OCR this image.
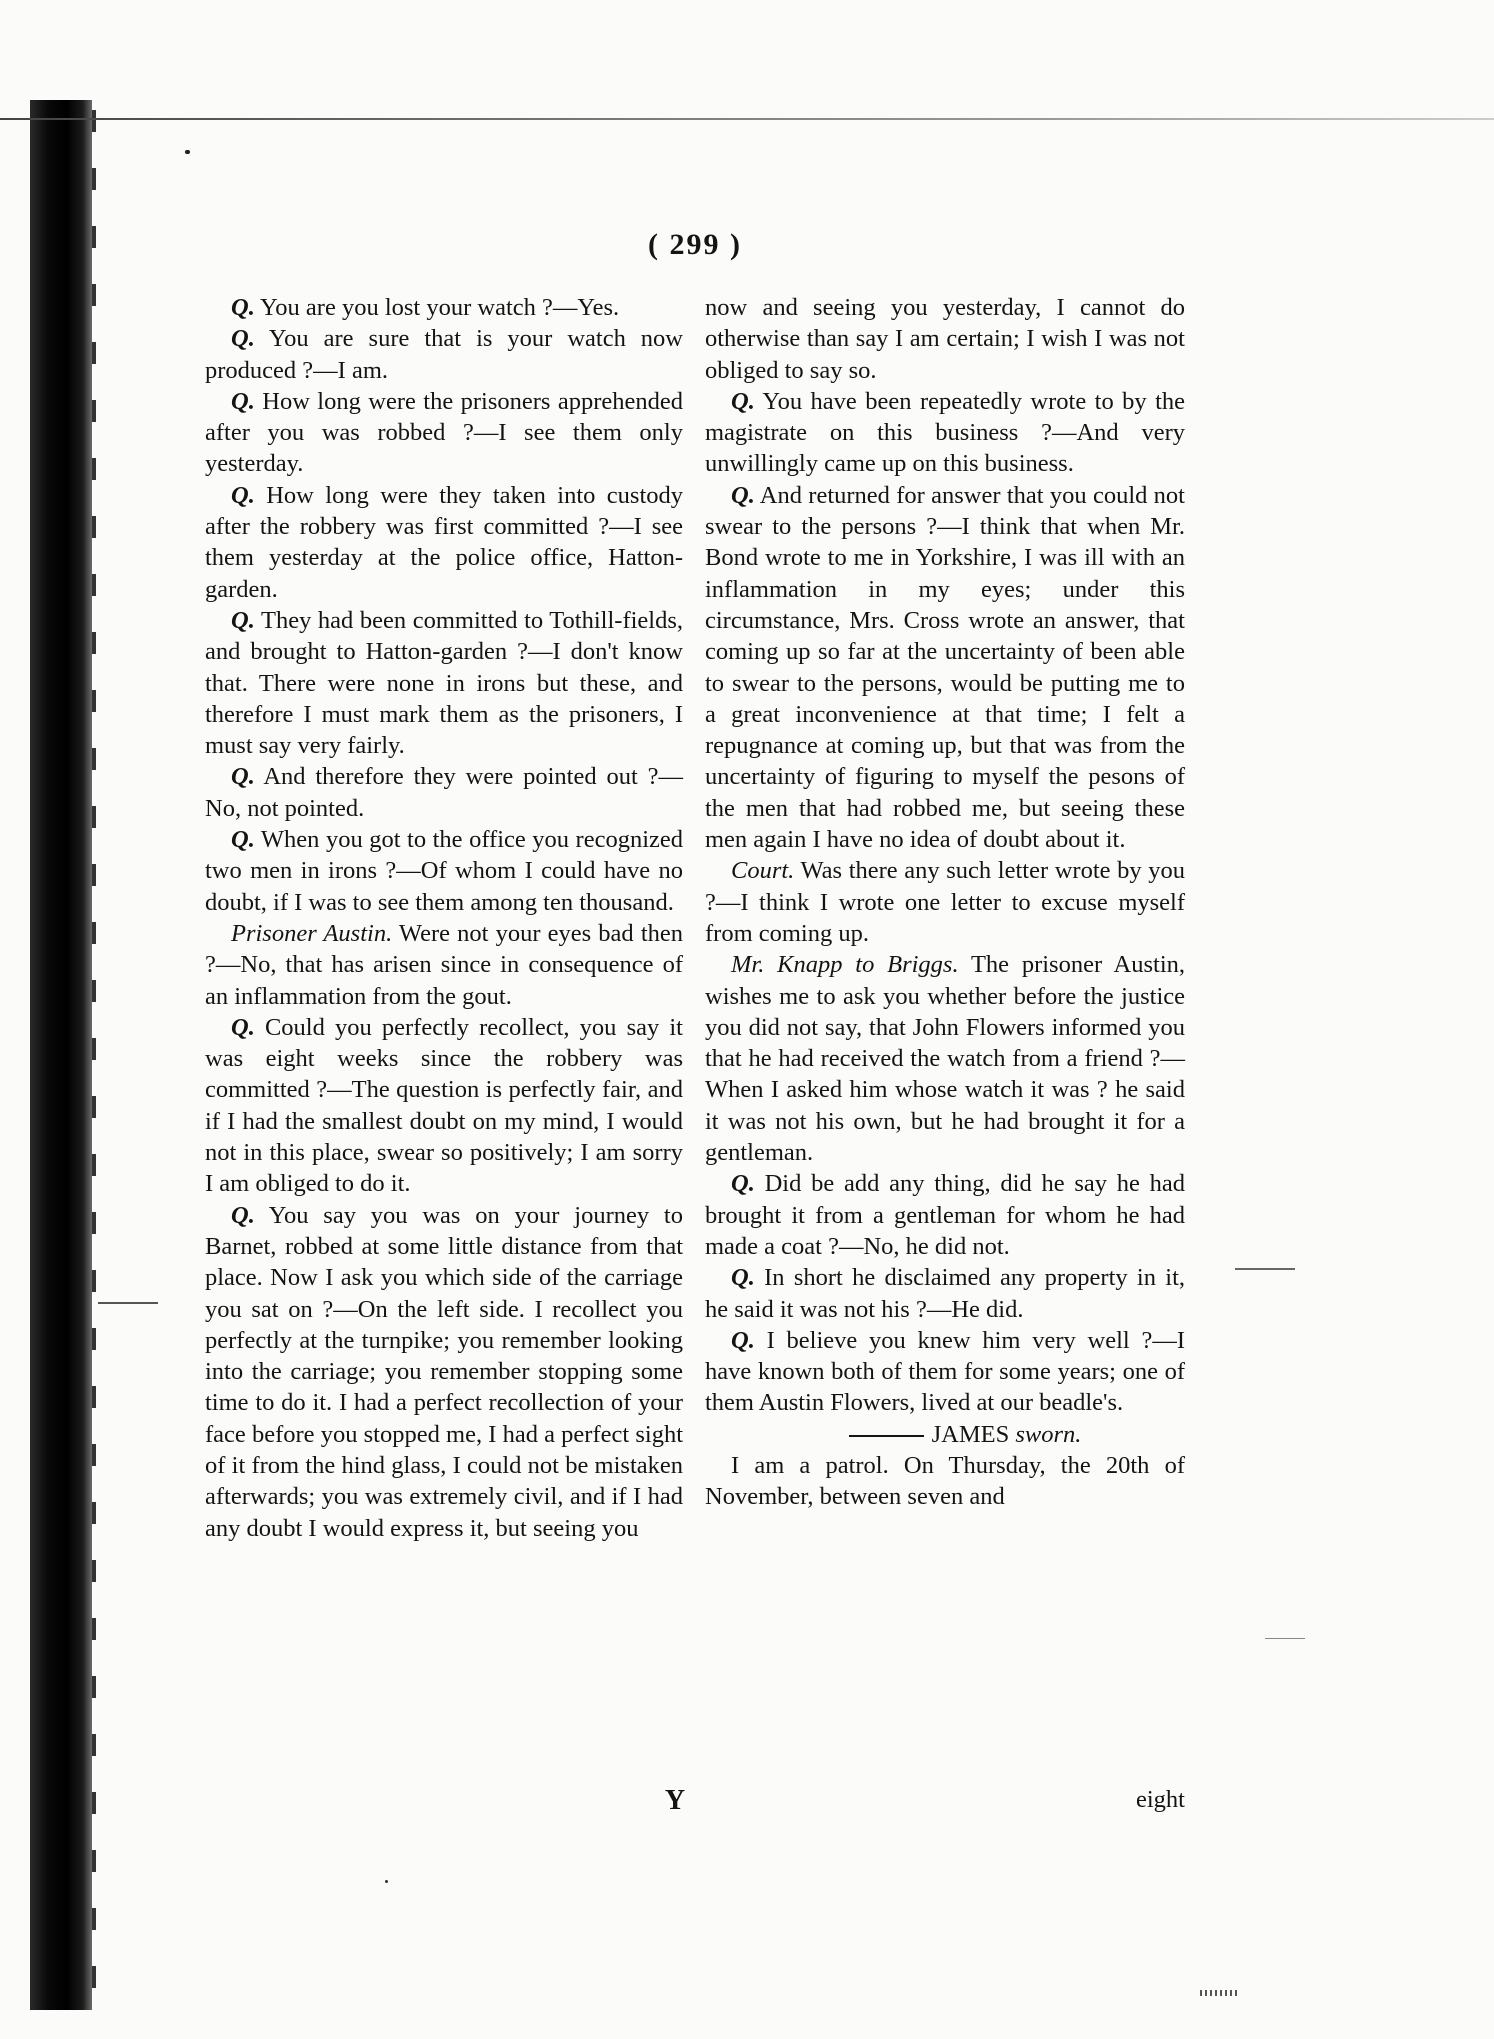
( 299 )

Q. You are you lost your watch ?—Yes.

Q. You are sure that is your watch now produced ?—I am.

Q. How long were the prisoners apprehended after you was robbed ?—I see them only yesterday.

Q. How long were they taken into custody after the robbery was first committed ?—I see them yesterday at the police office, Hatton-garden.

Q. They had been committed to Tothill-fields, and brought to Hatton-garden ?—I don't know that. There were none in irons but these, and therefore I must mark them as the prisoners, I must say very fairly.

Q. And therefore they were pointed out ?—No, not pointed.

Q. When you got to the office you recognized two men in irons ?—Of whom I could have no doubt, if I was to see them among ten thousand.

Prisoner Austin. Were not your eyes bad then ?—No, that has arisen since in consequence of an inflammation from the gout.

Q. Could you perfectly recollect, you say it was eight weeks since the robbery was committed ?—The question is perfectly fair, and if I had the smallest doubt on my mind, I would not in this place, swear so positively; I am sorry I am obliged to do it.

Q. You say you was on your journey to Barnet, robbed at some little distance from that place. Now I ask you which side of the carriage you sat on ?—On the left side. I recollect you perfectly at the turnpike; you remember looking into the carriage; you remember stopping some time to do it. I had a perfect recollection of your face before you stopped me, I had a perfect sight of it from the hind glass, I could not be mistaken afterwards; you was extremely civil, and if I had any doubt I would express it, but seeing you

now and seeing you yesterday, I cannot do otherwise than say I am certain; I wish I was not obliged to say so.

Q. You have been repeatedly wrote to by the magistrate on this business ?—And very unwillingly came up on this business.

Q. And returned for answer that you could not swear to the persons ?—I think that when Mr. Bond wrote to me in Yorkshire, I was ill with an inflammation in my eyes; under this circumstance, Mrs. Cross wrote an answer, that coming up so far at the uncertainty of been able to swear to the persons, would be putting me to a great inconvenience at that time; I felt a repugnance at coming up, but that was from the uncertainty of figuring to myself the pesons of the men that had robbed me, but seeing these men again I have no idea of doubt about it.

Court. Was there any such letter wrote by you ?—I think I wrote one letter to excuse myself from coming up.

Mr. Knapp to Briggs. The prisoner Austin, wishes me to ask you whether before the justice you did not say, that John Flowers informed you that he had received the watch from a friend ?—When I asked him whose watch it was ? he said it was not his own, but he had brought it for a gentleman.

Q. Did be add any thing, did he say he had brought it from a gentleman for whom he had made a coat ?—No, he did not.

Q. In short he disclaimed any property in it, he said it was not his ?—He did.

Q. I believe you knew him very well ?—I have known both of them for some years; one of them Austin Flowers, lived at our beadle's.

JAMES sworn.

I am a patrol. On Thursday, the 20th of November, between seven and

Y	eight
